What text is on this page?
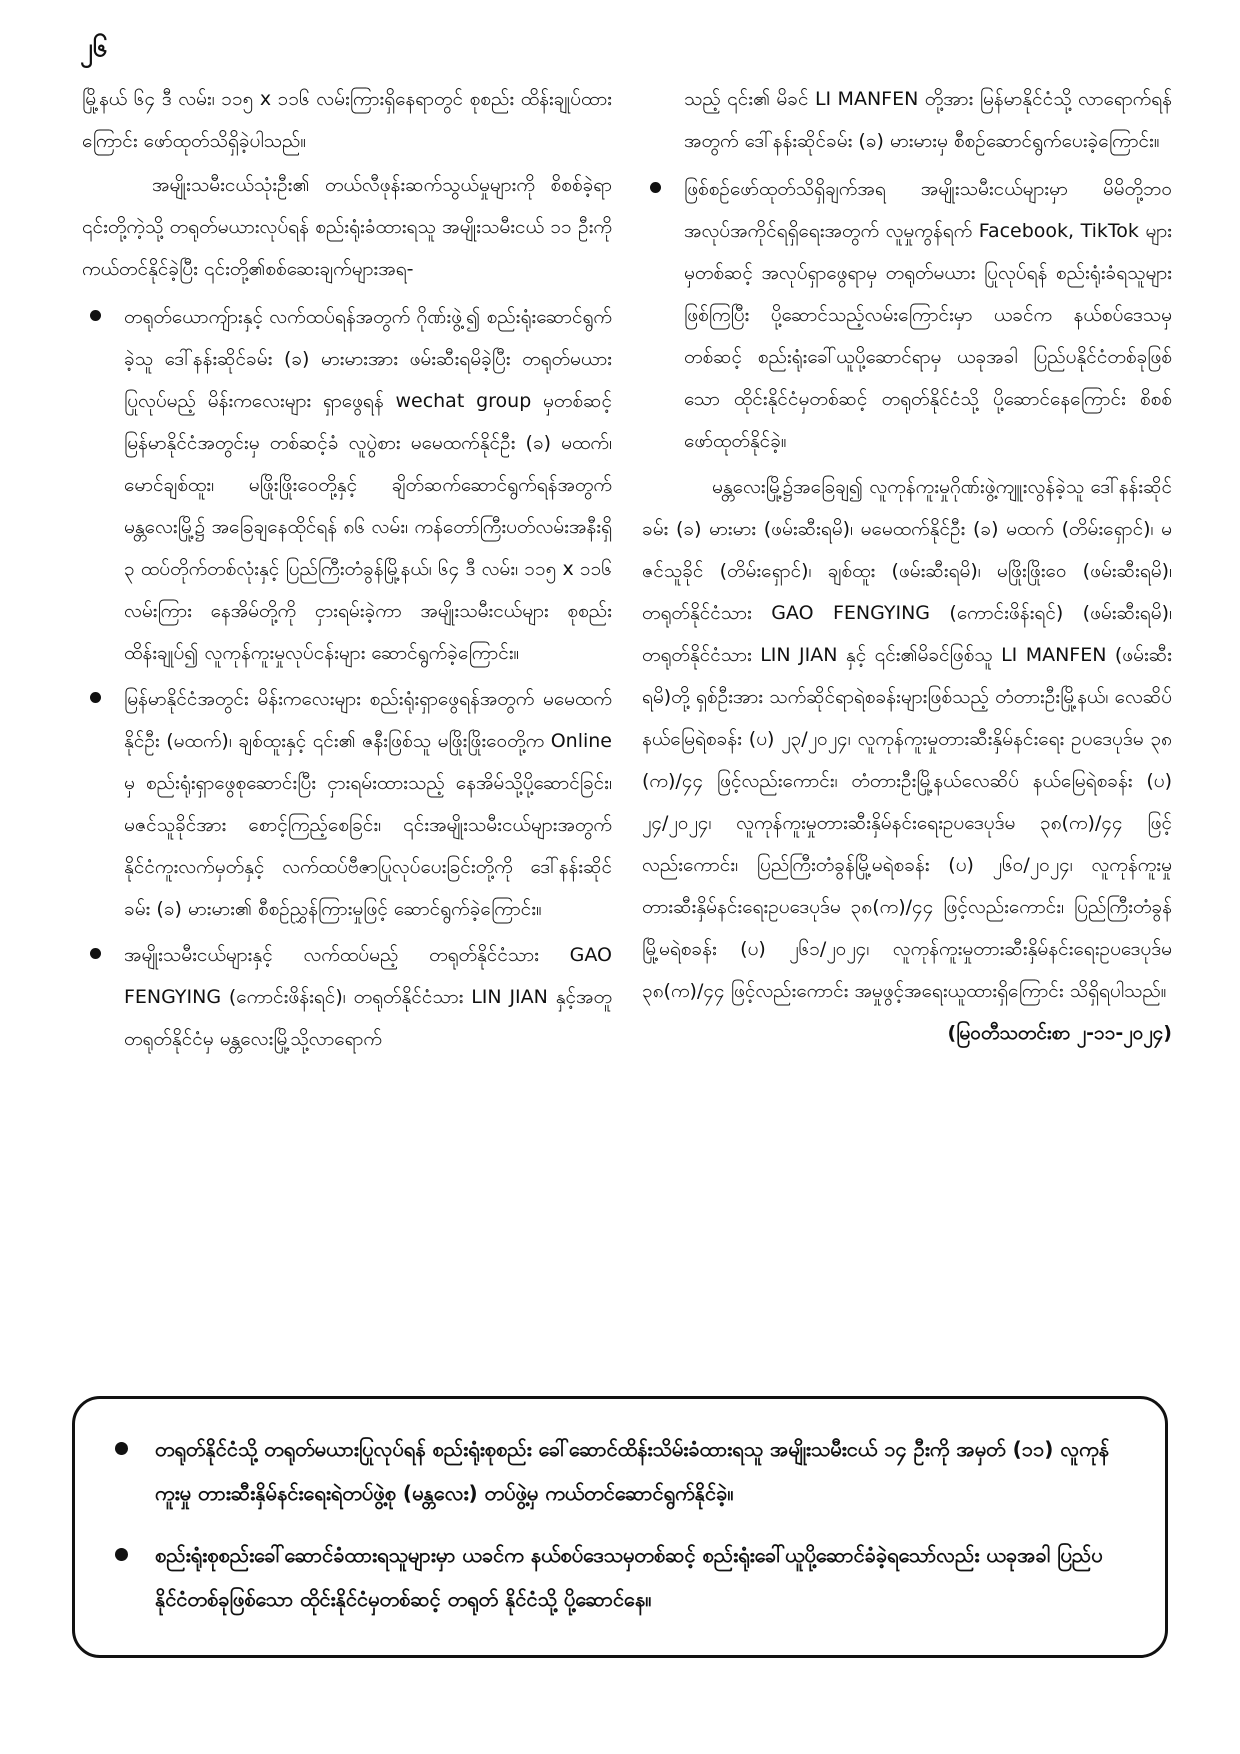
၂၆

မြို့နယ် ၆၄ ဒီ လမ်း၊ ၁၁၅ x ၁၁၆ လမ်းကြားရှိနေရာတွင် စုစည်း ထိန်းချုပ်ထားကြောင်း ဖော်ထုတ်သိရှိခဲ့ပါသည်။

အမျိုးသမီးငယ်သုံးဦး၏ တယ်လီဖုန်းဆက်သွယ်မှုများကို စိစစ်ခဲ့ရာ ၎င်းတို့ကဲ့သို့ တရုတ်မယားလုပ်ရန် စည်းရုံးခံထားရသူ အမျိုးသမီးငယ် ၁၁ ဦးကို ကယ်တင်နိုင်ခဲ့ပြီး ၎င်းတို့၏စစ်ဆေးချက်များအရ-

တရုတ်ယောကျ်ားနှင့် လက်ထပ်ရန်အတွက် ဂိုဏ်းဖွဲ့၍ စည်းရုံးဆောင်ရွက်ခဲ့သူ ဒေါ်နန်းဆိုင်ခမ်း (ခ) မားမားအား ဖမ်းဆီးရမိခဲ့ပြီး တရုတ်မယားပြုလုပ်မည့် မိန်းကလေးများ ရှာဖွေရန် wechat group မှတစ်ဆင့် မြန်မာနိုင်ငံအတွင်းမှ တစ်ဆင့်ခံ လူပွဲစား မမေထက်နိုင်ဦး (ခ) မထက်၊ မောင်ချစ်ထူး၊ မဖြိုးဖြိုးဝေတို့နှင့် ချိတ်ဆက်ဆောင်ရွက်ရန်အတွက် မန္တလေးမြို့၌ အခြေချနေထိုင်ရန် ၈၆ လမ်း၊ ကန်တော်ကြီးပတ်လမ်းအနီးရှိ ၃ ထပ်တိုက်တစ်လုံးနှင့် ပြည်ကြီးတံခွန်မြို့နယ်၊ ၆၄ ဒီ လမ်း၊ ၁၁၅ x ၁၁၆ လမ်းကြား နေအိမ်တို့ကို ငှားရမ်းခဲ့ကာ အမျိုးသမီးငယ်များ စုစည်းထိန်းချုပ်၍ လူကုန်ကူးမှုလုပ်ငန်းများ ဆောင်ရွက်ခဲ့ကြောင်း။
မြန်မာနိုင်ငံအတွင်း မိန်းကလေးများ စည်းရုံးရှာဖွေရန်အတွက် မမေထက်နိုင်ဦး (မထက်)၊ ချစ်ထူးနှင့် ၎င်း၏ ဇနီးဖြစ်သူ မဖြိုးဖြိုးဝေတို့က Online မှ စည်းရုံးရှာဖွေစုဆောင်းပြီး ငှားရမ်းထားသည့် နေအိမ်သို့ပို့ဆောင်ခြင်း၊ မဇင်သူခိုင်အား စောင့်ကြည့်စေခြင်း၊ ၎င်းအမျိုးသမီးငယ်များအတွက် နိုင်ငံကူးလက်မှတ်နှင့် လက်ထပ်ဗီဇာပြုလုပ်ပေးခြင်းတို့ကို ဒေါ်နန်းဆိုင်ခမ်း (ခ) မားမား၏ စီစဉ်ညွှန်ကြားမှုဖြင့် ဆောင်ရွက်ခဲ့ကြောင်း။
အမျိုးသမီးငယ်များနှင့် လက်ထပ်မည့် တရုတ်နိုင်ငံသား GAO FENGYING (ကောင်းဖိန်းရင်)၊ တရုတ်နိုင်ငံသား LIN JIAN နှင့်အတူ တရုတ်နိုင်ငံမှ မန္တလေးမြို့သို့လာရောက်

သည့် ၎င်း၏ မိခင် LI MANFEN တို့အား မြန်မာနိုင်ငံသို့ လာရောက်ရန်အတွက် ဒေါ်နန်းဆိုင်ခမ်း (ခ) မားမားမှ စီစဉ်ဆောင်ရွက်ပေးခဲ့ကြောင်း။

ဖြစ်စဉ်ဖော်ထုတ်သိရှိချက်အရ အမျိုးသမီးငယ်များမှာ မိမိတို့ဘဝ အလုပ်အကိုင်ရရှိရေးအတွက် လူမှုကွန်ရက် Facebook, TikTok များမှတစ်ဆင့် အလုပ်ရှာဖွေရာမှ တရုတ်မယား ပြုလုပ်ရန် စည်းရုံးခံရသူများဖြစ်ကြပြီး ပို့ဆောင်သည့်လမ်းကြောင်းမှာ ယခင်က နယ်စပ်ဒေသမှတစ်ဆင့် စည်းရုံးခေါ်ယူပို့ဆောင်ရာမှ ယခုအခါ ပြည်ပနိုင်ငံတစ်ခုဖြစ်သော ထိုင်းနိုင်ငံမှတစ်ဆင့် တရုတ်နိုင်ငံသို့ ပို့ဆောင်နေကြောင်း စိစစ်ဖော်ထုတ်နိုင်ခဲ့။

မန္တလေးမြို့၌အခြေချ၍ လူကုန်ကူးမှုဂိုဏ်းဖွဲ့ကျူးလွန်ခဲ့သူ ဒေါ်နန်းဆိုင်ခမ်း (ခ) မားမား (ဖမ်းဆီးရမိ)၊ မမေထက်နိုင်ဦး (ခ) မထက် (တိမ်းရှောင်)၊ မဇင်သူခိုင် (တိမ်းရှောင်)၊ ချစ်ထူး (ဖမ်းဆီးရမိ)၊ မဖြိုးဖြိုးဝေ (ဖမ်းဆီးရမိ)၊ တရုတ်နိုင်ငံသား GAO FENGYING (ကောင်းဖိန်းရင်) (ဖမ်းဆီးရမိ)၊ တရုတ်နိုင်ငံသား LIN JIAN နှင့် ၎င်း၏မိခင်ဖြစ်သူ LI MANFEN (ဖမ်းဆီးရမိ)တို့ ရှစ်ဦးအား သက်ဆိုင်ရာရဲစခန်းများဖြစ်သည့် တံတားဦးမြို့နယ်၊ လေဆိပ်နယ်မြေရဲစခန်း (ပ) ၂၃/၂၀၂၄၊ လူကုန်ကူးမှုတားဆီးနှိမ်နင်းရေး ဥပဒေပုဒ်မ ၃၈ (က)/၄၄ ဖြင့်လည်းကောင်း၊ တံတားဦးမြို့နယ်လေဆိပ် နယ်မြေရဲစခန်း (ပ) ၂၄/၂၀၂၄၊ လူကုန်ကူးမှုတားဆီးနှိမ်နင်းရေးဥပဒေပုဒ်မ ၃၈(က)/၄၄ ဖြင့်လည်းကောင်း၊ ပြည်ကြီးတံခွန်မြို့မရဲစခန်း (ပ) ၂၆၀/၂၀၂၄၊ လူကုန်ကူးမှုတားဆီးနှိမ်နင်းရေးဥပဒေပုဒ်မ ၃၈(က)/၄၄ ဖြင့်လည်းကောင်း၊ ပြည်ကြီးတံခွန်မြို့မရဲစခန်း (ပ) ၂၆၁/၂၀၂၄၊ လူကုန်ကူးမှုတားဆီးနှိမ်နင်းရေးဥပဒေပုဒ်မ ၃၈(က)/၄၄ ဖြင့်လည်းကောင်း အမှုဖွင့်အရေးယူထားရှိကြောင်း သိရှိရပါသည်။

(မြဝတီသတင်းစာ ၂-၁၁-၂၀၂၄)

တရုတ်နိုင်ငံသို့ တရုတ်မယားပြုလုပ်ရန် စည်းရုံးစုစည်း ခေါ်ဆောင်ထိန်းသိမ်းခံထားရသူ အမျိုးသမီးငယ် ၁၄ ဦးကို အမှတ် (၁၁) လူကုန်ကူးမှု တားဆီးနှိမ်နင်းရေးရဲတပ်ဖွဲ့စု (မန္တလေး) တပ်ဖွဲ့မှ ကယ်တင်ဆောင်ရွက်နိုင်ခဲ့။
စည်းရုံးစုစည်းခေါ်ဆောင်ခံထားရသူများမှာ ယခင်က နယ်စပ်ဒေသမှတစ်ဆင့် စည်းရုံးခေါ်ယူပို့ဆောင်ခံခဲ့ရသော်လည်း ယခုအခါ ပြည်ပနိုင်ငံတစ်ခုဖြစ်သော ထိုင်းနိုင်ငံမှတစ်ဆင့် တရုတ် နိုင်ငံသို့ ပို့ဆောင်နေ။
